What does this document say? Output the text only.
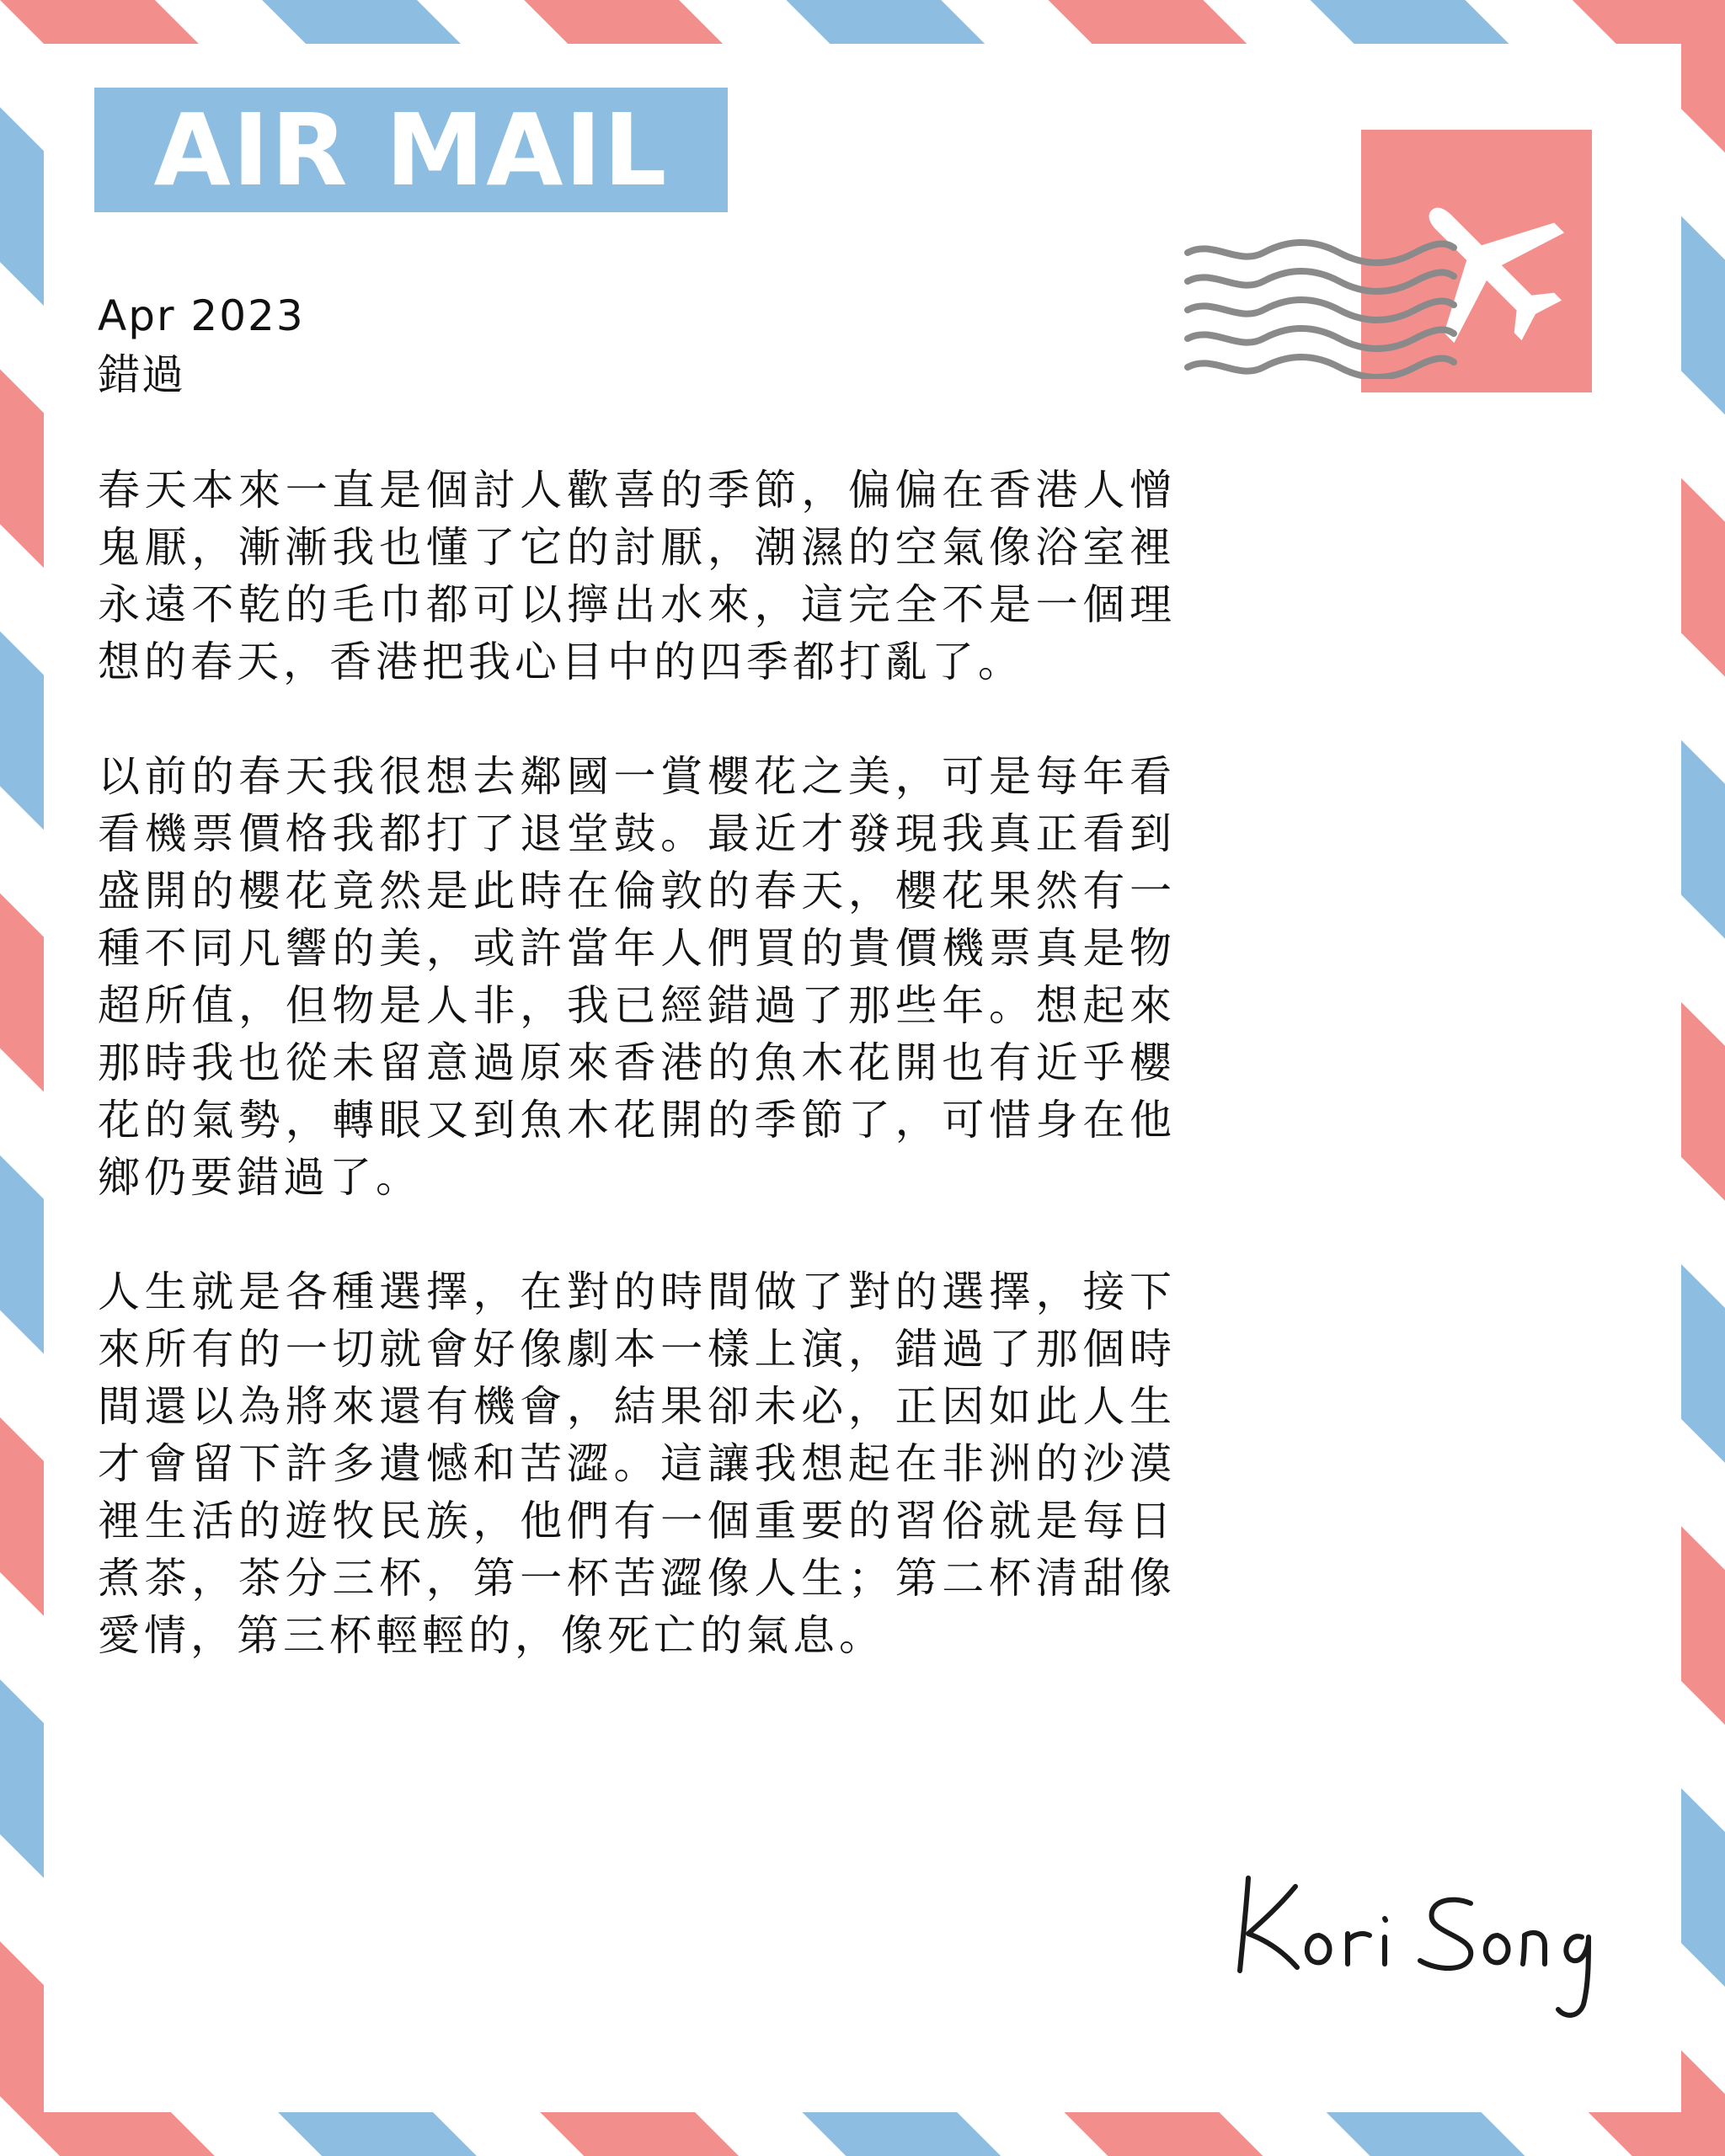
AIR MAIL
Apr 2023
錯過

春天本來一直是個討人歡喜的季節，偏偏在香港人憎鬼厭，漸漸我也懂了它的討厭，潮濕的空氣像浴室裡永遠不乾的毛巾都可以擰出水來，這完全不是一個理想的春天，香港把我心目中的四季都打亂了。

以前的春天我很想去鄰國一賞櫻花之美，可是每年看看機票價格我都打了退堂鼓。最近才發現我真正看到盛開的櫻花竟然是此時在倫敦的春天，櫻花果然有一種不同凡響的美，或許當年人們買的貴價機票真是物超所值，但物是人非，我已經錯過了那些年。想起來那時我也從未留意過原來香港的魚木花開也有近乎櫻花的氣勢，轉眼又到魚木花開的季節了，可惜身在他鄉仍要錯過了。

人生就是各種選擇，在對的時間做了對的選擇，接下來所有的一切就會好像劇本一樣上演，錯過了那個時間還以為將來還有機會，結果卻未必，正因如此人生才會留下許多遺憾和苦澀。這讓我想起在非洲的沙漠裡生活的遊牧民族，他們有一個重要的習俗就是每日煮茶，茶分三杯，第一杯苦澀像人生；第二杯清甜像愛情，第三杯輕輕的，像死亡的氣息。
